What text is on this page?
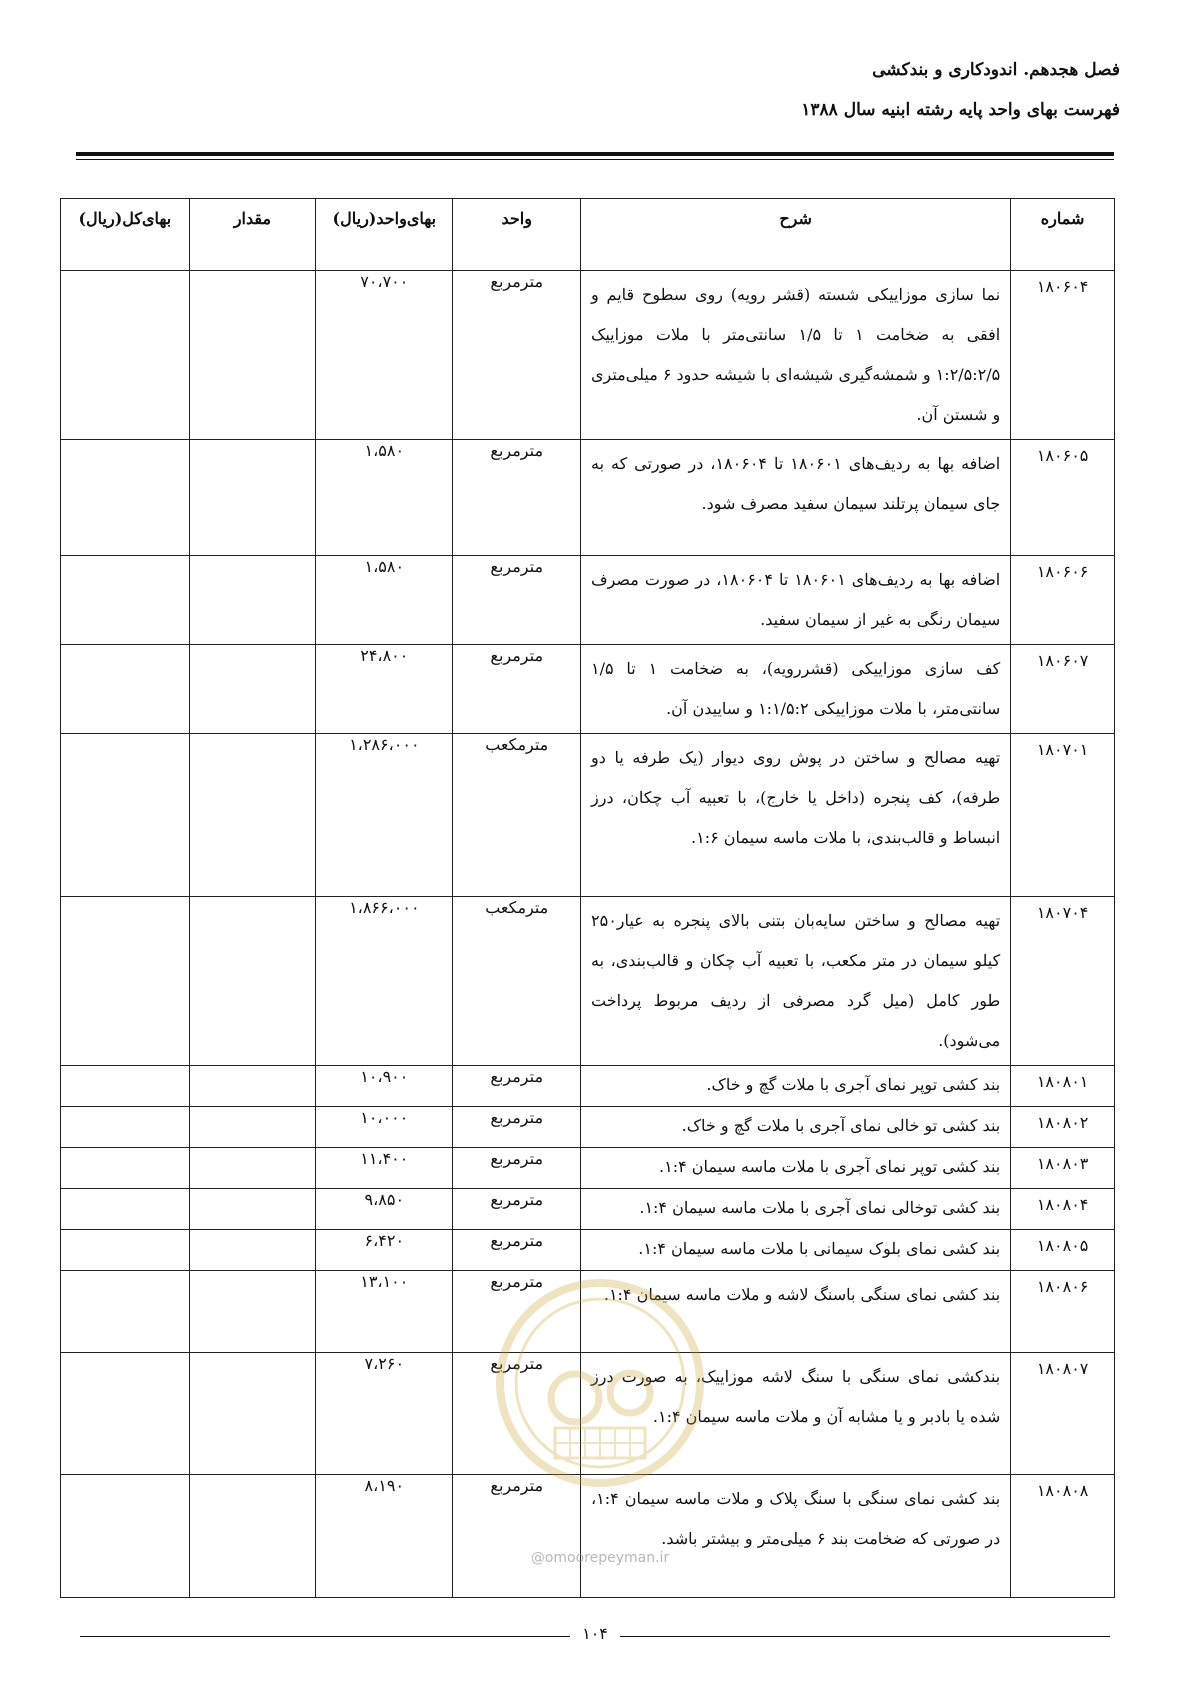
فصل هجدهم. اندودکاری و بندکشی

فهرست بهای واحد پایه رشته ابنیه سال ۱۳۸۸

شماره	شرح	واحد	بهای‌واحد(ریال)	مقدار	بهای‌کل(ریال)
۱۸۰۶۰۴	نما سازی موزاییکی شسته (قشر رویه) روی سطوح قایم و افقی به ضخامت ۱ تا ۱/۵ سانتی‌متر با ملات موزاییک ۱:۲/۵:۲/۵ و شمشه‌گیری شیشه‌ای با شیشه حدود ۶ میلی‌متری و شستن آن.	مترمربع	۷۰،۷۰۰		
۱۸۰۶۰۵	اضافه بها به ردیف‌های ۱۸۰۶۰۱ تا ۱۸۰۶۰۴، در صورتی که به جای سیمان پرتلند سیمان سفید مصرف شود.	مترمربع	۱،۵۸۰		
۱۸۰۶۰۶	اضافه بها به ردیف‌های ۱۸۰۶۰۱ تا ۱۸۰۶۰۴، در صورت مصرف سیمان رنگی به غیر از سیمان سفید.	مترمربع	۱،۵۸۰		
۱۸۰۶۰۷	کف سازی موزاییکی (قشررویه)، به ضخامت ۱ تا ۱/۵ سانتی‌متر، با ملات موزاییکی ۱:۱/۵:۲ و ساییدن آن.	مترمربع	۲۴،۸۰۰		
۱۸۰۷۰۱	تهیه مصالح و ساختن در پوش روی دیوار (یک طرفه یا دو طرفه)، کف پنجره (داخل یا خارج)، با تعبیه آب چکان، درز انبساط و قالب‌بندی، با ملات ماسه سیمان ۱:۶.	مترمکعب	۱،۲۸۶،۰۰۰		
۱۸۰۷۰۴	تهیه مصالح و ساختن سایه‌بان بتنی بالای پنجره به عیار۲۵۰ کیلو سیمان در متر مکعب، با تعبیه آب چکان و قالب‌بندی، به طور کامل (میل گرد مصرفی از ردیف مربوط پرداخت می‌شود).	مترمکعب	۱،۸۶۶،۰۰۰		
۱۸۰۸۰۱	بند کشی توپر نمای آجری با ملات گچ و خاک.	مترمربع	۱۰،۹۰۰		
۱۸۰۸۰۲	بند کشی تو خالی نمای آجری با ملات گچ و خاک.	مترمربع	۱۰،۰۰۰		
۱۸۰۸۰۳	بند کشی توپر نمای آجری با ملات ماسه سیمان ۱:۴.	مترمربع	۱۱،۴۰۰		
۱۸۰۸۰۴	بند کشی توخالی نمای آجری با ملات ماسه سیمان ۱:۴.	مترمربع	۹،۸۵۰		
۱۸۰۸۰۵	بند کشی نمای بلوک سیمانی با ملات ماسه سیمان ۱:۴.	مترمربع	۶،۴۲۰		
۱۸۰۸۰۶	بند کشی نمای سنگی باسنگ لاشه و ملات ماسه سیمان ۱:۴.	مترمربع	۱۳،۱۰۰		
۱۸۰۸۰۷	بندکشی نمای سنگی با سنگ لاشه موزاییک، به صورت درز شده یا بادبر و یا مشابه آن و ملات ماسه سیمان ۱:۴.	مترمربع	۷،۲۶۰		
۱۸۰۸۰۸	بند کشی نمای سنگی با سنگ پلاک و ملات ماسه سیمان ۱:۴، در صورتی که ضخامت بند ۶ میلی‌متر و بیشتر باشد.	مترمربع	۸،۱۹۰		
@omoorepeyman.ir
۱۰۴
